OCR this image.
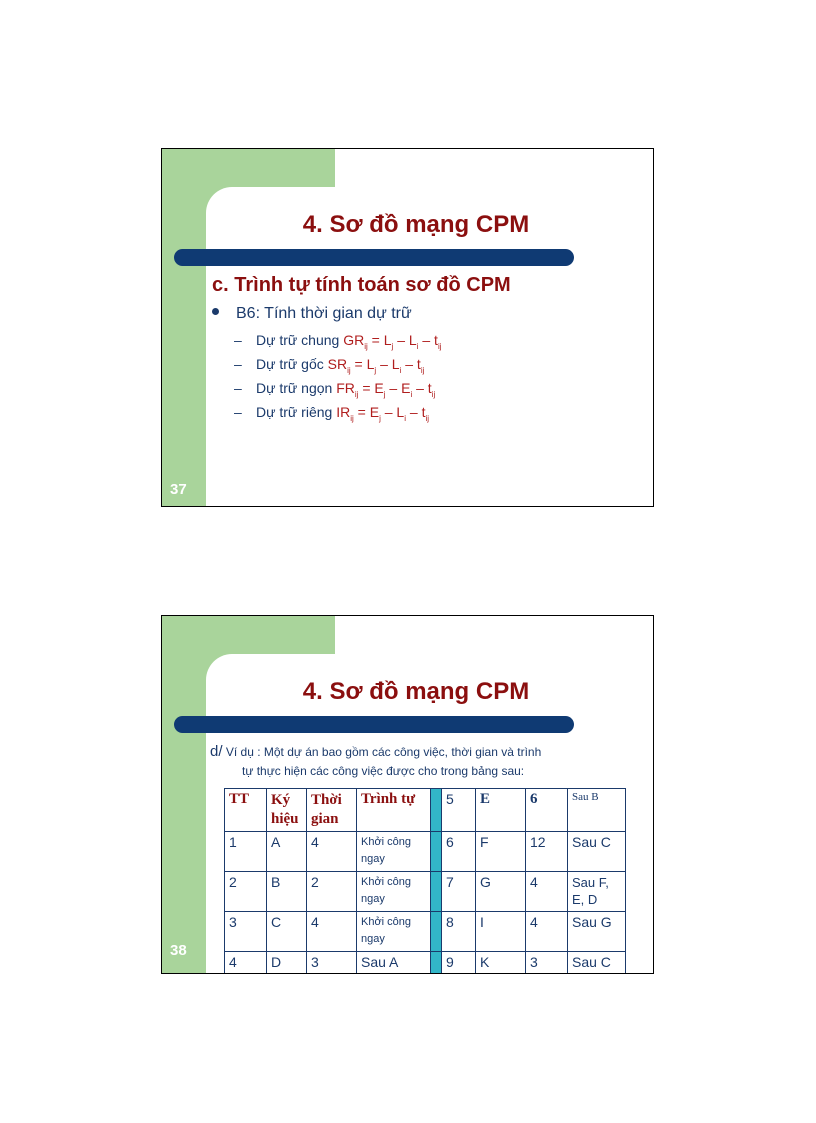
4. Sơ đồ mạng CPM
c. Trình tự tính toán sơ đồ CPM
B6: Tính thời gian dự trữ
– Dự trữ chung $GR_{ij} = L_j - L_i - t_{ij}$
– Dự trữ gốc $SR_{ij} = L_j - L_i - t_{ij}$
– Dự trữ ngọn $FR_{ij} = E_j - E_i - t_{ij}$
– Dự trữ riêng $IR_{ij} = E_j - L_i - t_{ij}$
37
4. Sơ đồ mạng CPM
d/ Ví dụ : Một dự án bao gồm các công việc, thời gian và trình
tự thực hiện các công việc được cho trong bảng sau:
TT	Ký hiệu	Thời gian	Trình tự		5	E	6	Sau B
1	A	4	Khởi công ngay		6	F	12	Sau C
2	B	2	Khởi công ngay		7	G	4	Sau F, E, D
3	C	4	Khởi công ngay		8	I	4	Sau G
4	D	3	Sau A		9	K	3	Sau C
38
